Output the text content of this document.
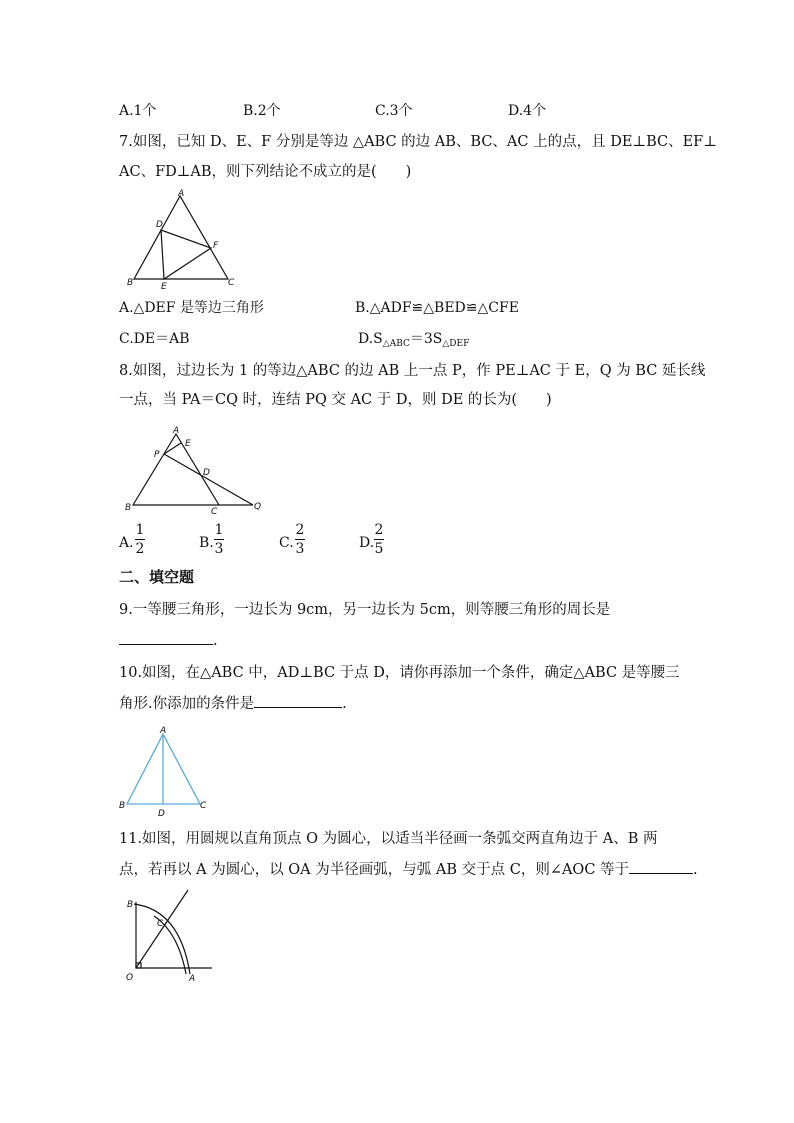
A.1个	B.2个	C.3个	D.4个
7.如图，已知 D、E、F 分别是等边 △ABC 的边 AB、BC、AC 上的点，且 DE⊥BC、EF⊥
AC、FD⊥AB，则下列结论不成立的是(　　)
A
B	C
D
E
F
A.△DEF 是等边三角形	B.△ADF≌△BED≌△CFE
C.DE＝AB	$D.S_{\triangle ABC}=3S_{\triangle DEF}$
8.如图，过边长为 1 的等边△ABC 的边 AB 上一点 P，作 PE⊥AC 于 E，Q 为 BC 延长线
一点，当 PA＝CQ 时，连结 PQ 交 AC 于 D，则 DE 的长为(　　)
A
B	C
D
E
P
Q
A.
1
2	B.
1
3	C.
2
3	D.
2
5
二、填空题
9.一等腰三角形，一边长为 9cm，另一边长为 5cm，则等腰三角形的周长是
.
10.如图，在△ABC 中，AD⊥BC 于点 D，请你再添加一个条件，确定△ABC 是等腰三
角形.你添加的条件是	.
A
B	C
D
11.如图，用圆规以直角顶点 O 为圆心，以适当半径画一条弧交两直角边于 A、B 两
点，若再以 A 为圆心，以 OA 为半径画弧，与弧 AB 交于点 C，则∠AOC 等于	.
B
C
O	A
